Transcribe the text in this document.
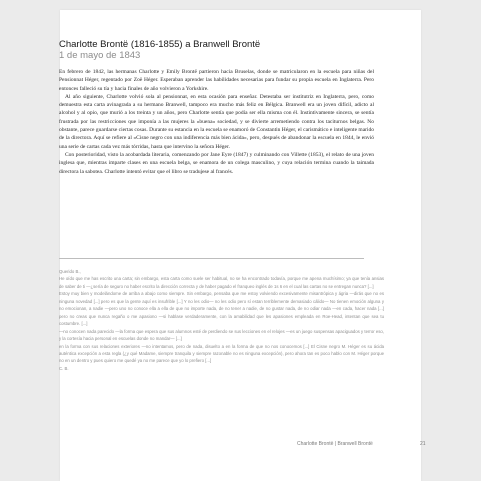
Charlotte Brontë (1816-1855) a Branwell Brontë
1 de mayo de 1843

En febrero de 1842, las hermanas Charlotte y Emily Brontë partieron hacia Bruselas, donde se matricularon en la escuela para niñas del Pensionnat Héger, regentado por Zoë Héger. Esperaban aprender las habilidades necesarias para fundar su propia escuela en Inglaterra. Pero entonces falleció su tía y hacia finales de año volvieron a Yorkshire.

Al año siguiente, Charlotte volvió sola al pensionnat, en esta ocasión para enseñar. Detestaba ser institutriz en Inglaterra, pero, como demuestra esta carta avinagrada a su hermano Branwell, tampoco era mucho más feliz en Bélgica. Branwell era un joven difícil, adicto al alcohol y al opio, que murió a los treinta y un años, pero Charlotte sentía que podía ser ella misma con él. Instintivamente sincera, se sentía frustrada por las restricciones que imponía a las mujeres la «buena» sociedad, y se divierte arremetiendo contra los taciturnos belgas. No obstante, parece guardarse ciertas cosas. Durante su estancia en la escuela se enamoró de Constantin Héger, el carismático e inteligente marido de la directora. Aquí se refiere al «Cisne negro con una indiferencia más bien ácida», pero, después de abandonar la escuela en 1844, le envió una serie de cartas cada vez más tórridas, hasta que intervino la señora Héger.

Con posterioridad, visto la acobardada literaria, comenzando por Jane Eyre (1847) y culminando con Villette (1853), el relato de una joven inglesa que, mientras imparte clases en una escuela belga, se enamora de un colega masculino, y cuya relación termina cuando la taimada directora la sabotea. Charlotte intentó evitar que el libro se tradujese al francés.

Querido B.,

He oído que me has escrito una carta; sin embargo, esta carta como suele ser habitual, no se ha encontrado todavía, porque me apena muchísimo; ya que tenía ansias de saber de ti —¿sería de seguro no haber escrito la dirección correcta y de haber pagado el franqueo inglés de 1s 6 en el cual las cartas no se entregan nunca? [...]

Estoy muy bien y modelándome de arriba a abajo como siempre. Sin embargo, pensaba que me estoy volviendo excesivamente misantrópica y ágria —dirás que no es ninguna novedad [...] pero es que la gente aquí es insufrible [...] Y no les odio— no les odio pero sí estan terriblemente demasiado cálido— No tienen emoción alguna y no emocionan, a nadie —pero uno no conoce ella a ella de que no importe nada, de no tener a nadie, de no gustar nada, de no odiar nada —en cada, hacer nada [...] pero no creas que nunca regaño o me apasiono —si hablase verdaderamente, con la amabilidad que les apasiones empleada en Roe-Head, intentan que sea tu costumbre. [...]

—no conocen nada parecido —la forma que espera que sus alumnos esté de perdiendo se sus lecciones en el relojes —es un juego suspensas apaciguados y terror eso, y la cortesía hacia personal en escuelas donde no mandar— [...]

en la forma con sus relaciones exteriores —no intentamos, pero de nada, disuelto a en la forma de que no nos conocemos [...] El Cisne negro M. Héger es su ácida auténtica excepción a esta regla (¿y qué Madame, siempre tranquila y siempre razonable no es ninguna excepción), pero ahora tan es poco hablo con M. Héger porque no en un dentro y pues quiero me quedé ya no me parece que yo lo prefiero [...]

C. B.

Charlotte Brontë | Branwell Brontë	21
